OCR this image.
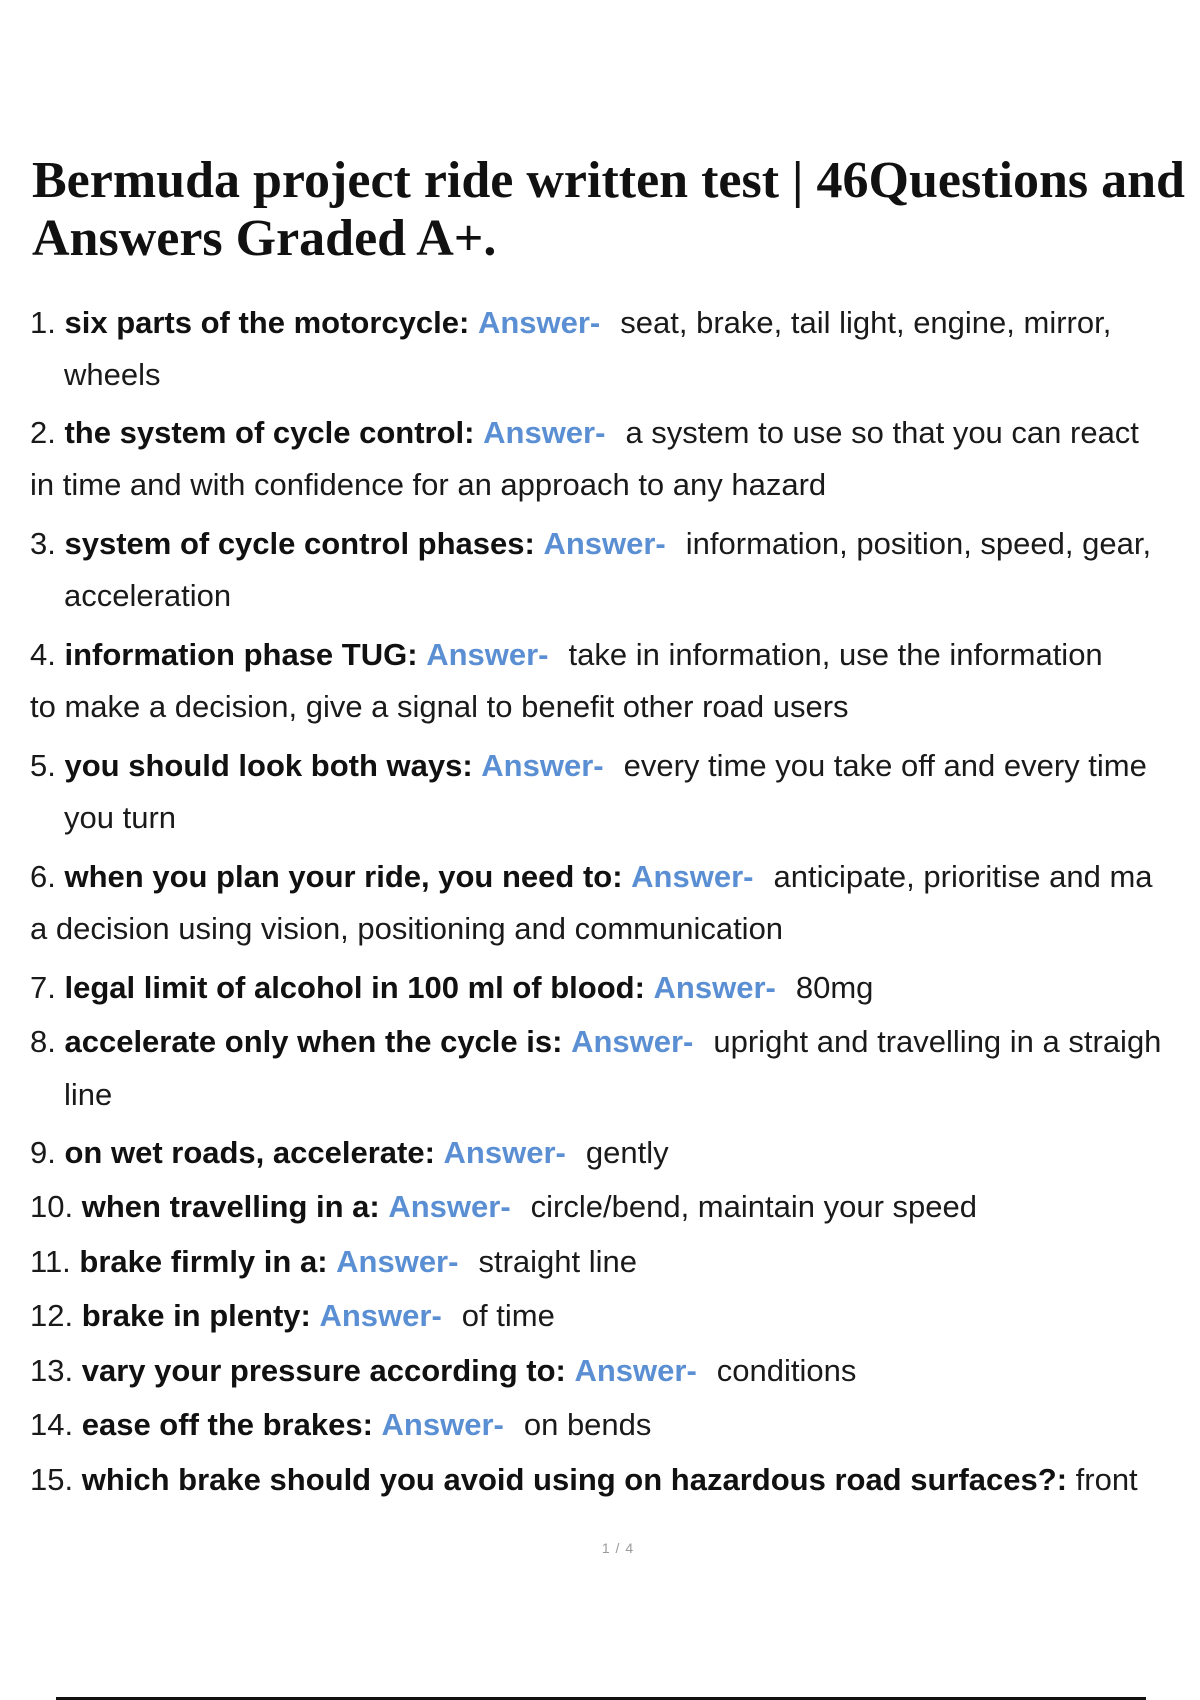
Bermuda project ride written test | 46Questions and
Answers Graded A+.
1. six parts of the motorcycle: Answer- seat, brake, tail light, engine, mirror,
wheels
2. the system of cycle control: Answer- a system to use so that you can react
in time and with confidence for an approach to any hazard
3. system of cycle control phases: Answer- information, position, speed, gear,
acceleration
4. information phase TUG: Answer- take in information, use the information
to make a decision, give a signal to benefit other road users
5. you should look both ways: Answer- every time you take off and every time
you turn
6. when you plan your ride, you need to: Answer- anticipate, prioritise and ma
a decision using vision, positioning and communication
7. legal limit of alcohol in 100 ml of blood: Answer- 80mg
8. accelerate only when the cycle is: Answer- upright and travelling in a straigh
line
9. on wet roads, accelerate: Answer- gently
10. when travelling in a: Answer- circle/bend, maintain your speed
11. brake firmly in a: Answer- straight line
12. brake in plenty: Answer- of time
13. vary your pressure according to: Answer- conditions
14. ease off the brakes: Answer- on bends
15. which brake should you avoid using on hazardous road surfaces?: front
1 / 4
